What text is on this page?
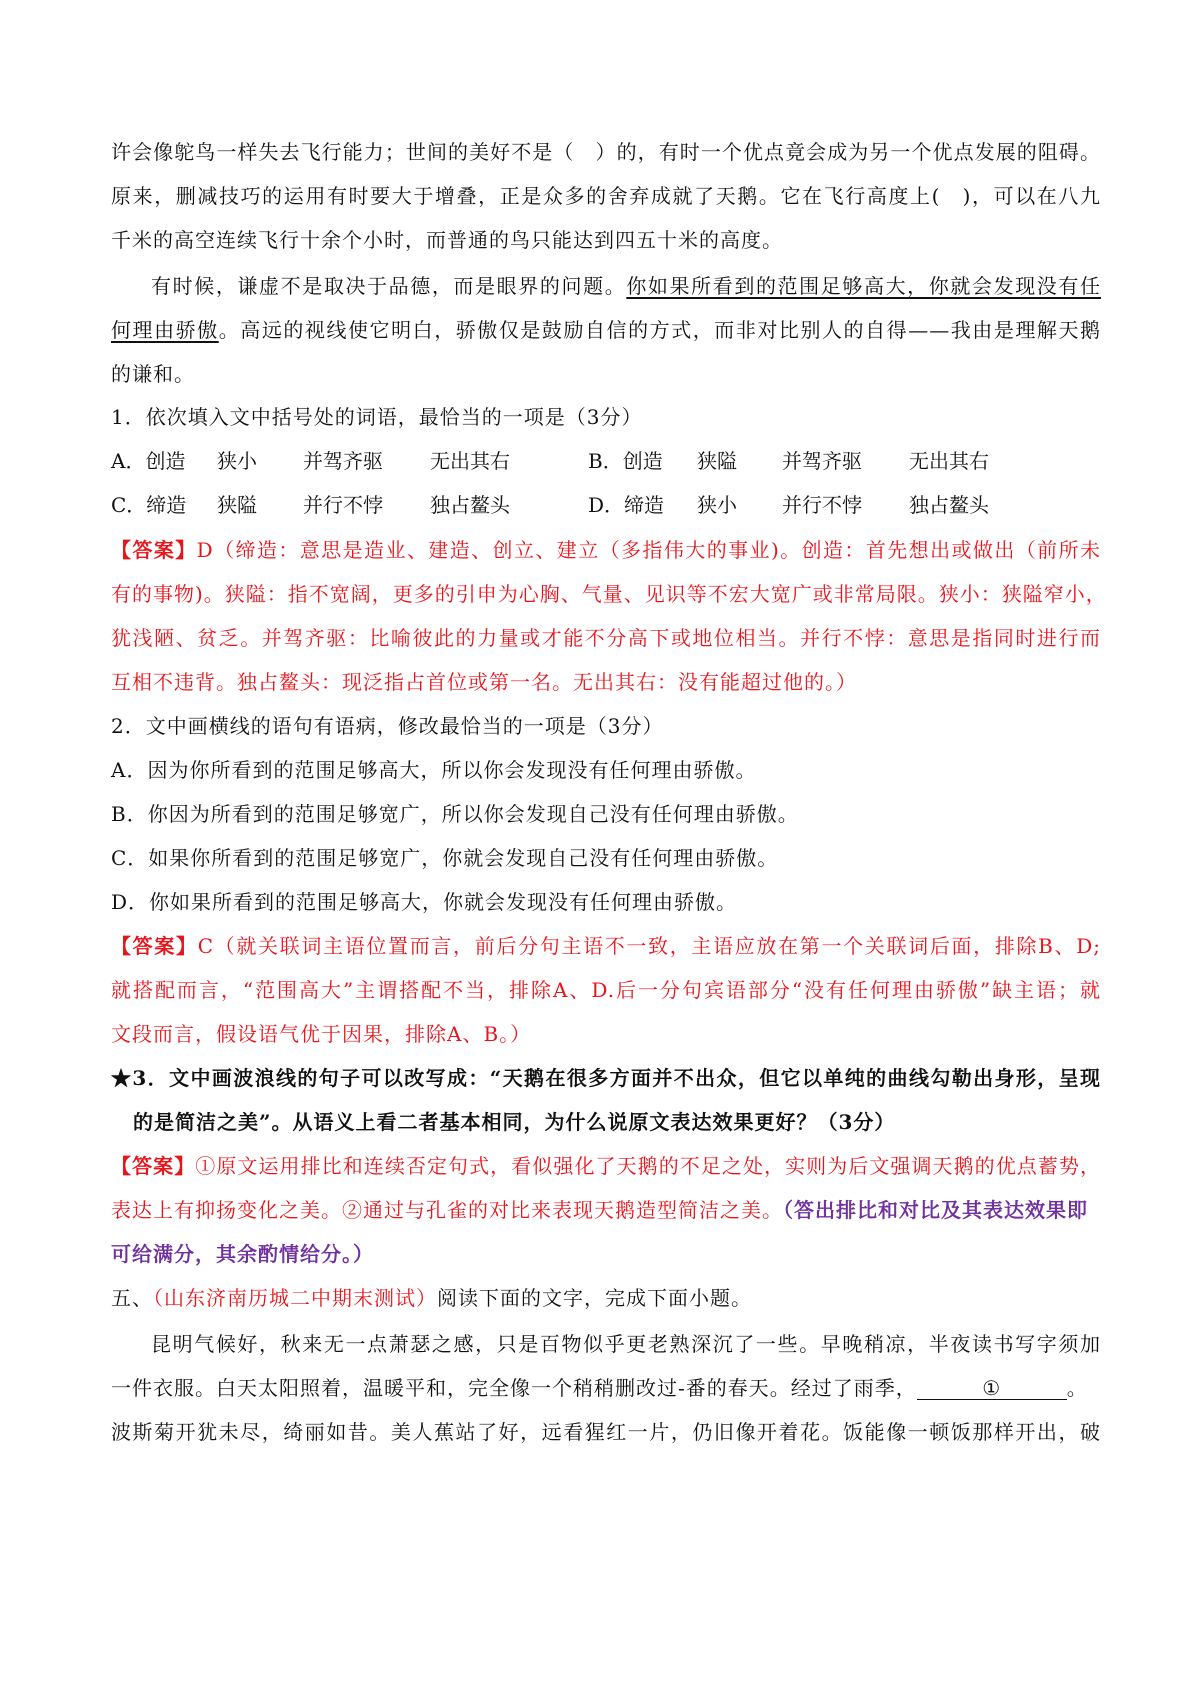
许会像鸵鸟一样失去飞行能力；世间的美好不是（　）的，有时一个优点竟会成为另一个优点发展的阻碍。
原来，删减技巧的运用有时要大于增叠，正是众多的舍弃成就了天鹅。它在飞行高度上(　)，可以在八九
千米的高空连续飞行十余个小时，而普通的鸟只能达到四五十米的高度。
有时候，谦虚不是取决于品德，而是眼界的问题。你如果所看到的范围足够高大，你就会发现没有任
何理由骄傲。高远的视线使它明白，骄傲仅是鼓励自信的方式，而非对比别人的自得——我由是理解天鹅
的谦和。
1．依次填入文中括号处的词语，最恰当的一项是（3分）
A．创造 狭小 并驾齐驱 无出其右	B．创造 狭隘 并驾齐驱 无出其右
C．缔造 狭隘 并行不悖 独占鳌头	D．缔造 狭小 并行不悖 独占鳌头
【答案】D（缔造：意思是造业、建造、创立、建立（多指伟大的事业)。创造：首先想出或做出（前所未
有的事物)。狭隘：指不宽阔，更多的引申为心胸、气量、见识等不宏大宽广或非常局限。狭小：狭隘窄小，
犹浅陋、贫乏。并驾齐驱：比喻彼此的力量或才能不分高下或地位相当。并行不悖：意思是指同时进行而
互相不违背。独占鳌头：现泛指占首位或第一名。无出其右：没有能超过他的。）
2．文中画横线的语句有语病，修改最恰当的一项是（3分）
A．因为你所看到的范围足够高大，所以你会发现没有任何理由骄傲。
B．你因为所看到的范围足够宽广，所以你会发现自己没有任何理由骄傲。
C．如果你所看到的范围足够宽广，你就会发现自己没有任何理由骄傲。
D．你如果所看到的范围足够高大，你就会发现没有任何理由骄傲。
【答案】C（就关联词主语位置而言，前后分句主语不一致，主语应放在第一个关联词后面，排除B、D;
就搭配而言，“范围高大”主谓搭配不当，排除A、D.后一分句宾语部分“没有任何理由骄傲”缺主语；就
文段而言，假设语气优于因果，排除A、B。）
★3．文中画波浪线的句子可以改写成：“天鹅在很多方面并不出众，但它以单纯的曲线勾勒出身形，呈现
的是简洁之美”。从语义上看二者基本相同，为什么说原文表达效果更好？（3分）
【答案】①原文运用排比和连续否定句式，看似强化了天鹅的不足之处，实则为后文强调天鹅的优点蓄势，
表达上有抑扬变化之美。②通过与孔雀的对比来表现天鹅造型简洁之美。（答出排比和对比及其表达效果即
可给满分，其余酌情给分。）
五、（山东济南历城二中期末测试）阅读下面的文字，完成下面小题。
昆明气候好，秋来无一点萧瑟之感，只是百物似乎更老熟深沉了一些。早晚稍凉，半夜读书写字须加
一件衣服。白天太阳照着，温暖平和，完全像一个稍稍删改过-番的春天。经过了雨季，	①	。
波斯菊开犹未尽，绮丽如昔。美人蕉站了好，远看猩红一片，仍旧像开着花。饭能像一顿饭那样开出，破
